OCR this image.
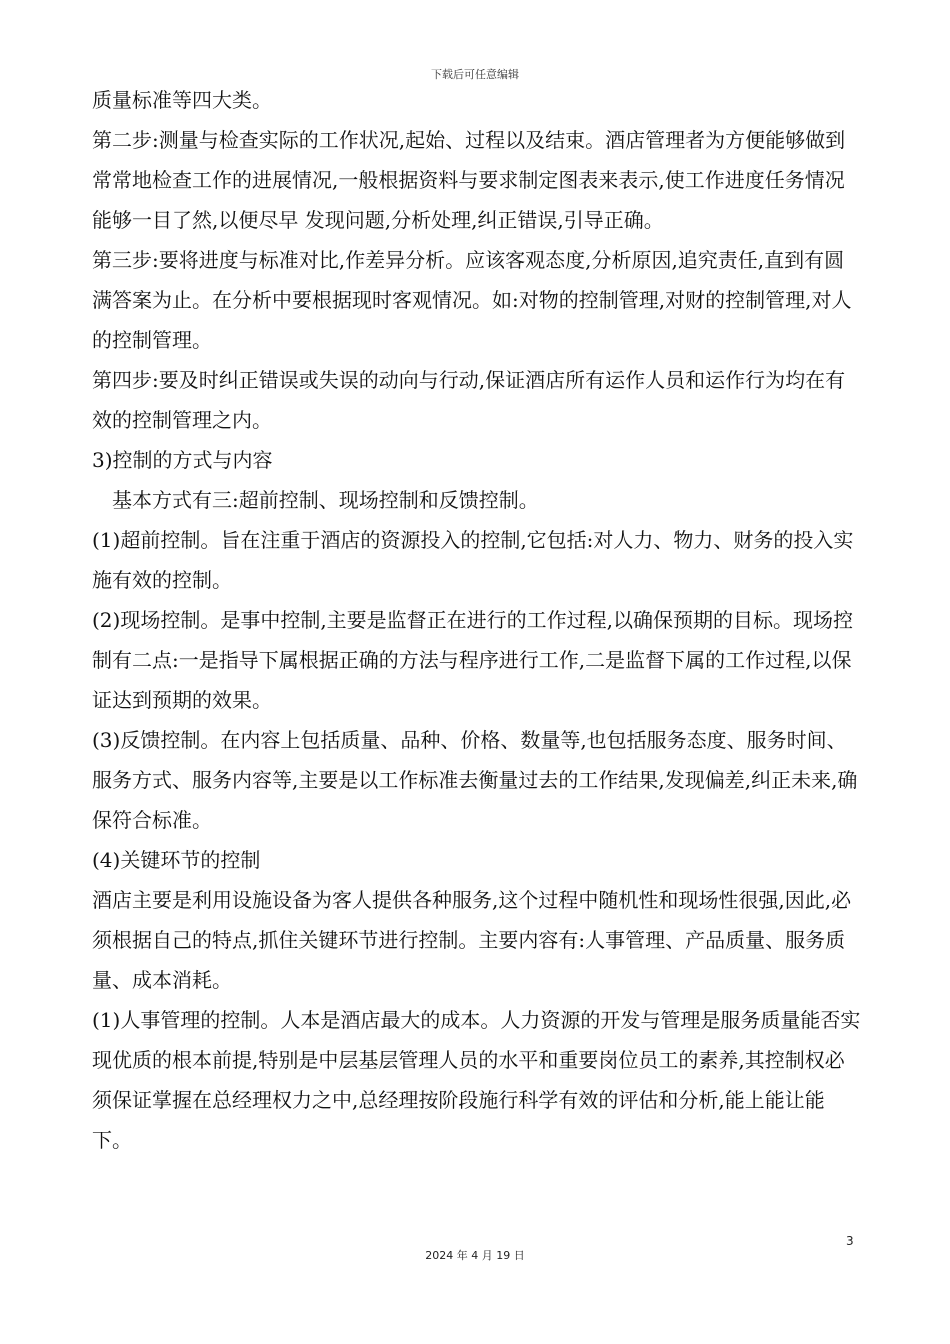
下载后可任意编辑

质量标准等四大类。

第二步:测量与检查实际的工作状况,起始、过程以及结束。酒店管理者为方便能够做到常常地检查工作的进展情况,一般根据资料与要求制定图表来表示,使工作进度任务情况能够一目了然,以便尽早 发现问题,分析处理,纠正错误,引导正确。

第三步:要将进度与标准对比,作差异分析。应该客观态度,分析原因,追究责任,直到有圆满答案为止。在分析中要根据现时客观情况。如:对物的控制管理,对财的控制管理,对人的控制管理。

第四步:要及时纠正错误或失误的动向与行动,保证酒店所有运作人员和运作行为均在有效的控制管理之内。

3)控制的方式与内容

基本方式有三:超前控制、现场控制和反馈控制。

(1)超前控制。旨在注重于酒店的资源投入的控制,它包括:对人力、物力、财务的投入实施有效的控制。

(2)现场控制。是事中控制,主要是监督正在进行的工作过程,以确保预期的目标。现场控制有二点:一是指导下属根据正确的方法与程序进行工作,二是监督下属的工作过程,以保证达到预期的效果。

(3)反馈控制。在内容上包括质量、品种、价格、数量等,也包括服务态度、服务时间、服务方式、服务内容等,主要是以工作标准去衡量过去的工作结果,发现偏差,纠正未来,确保符合标准。

(4)关键环节的控制

酒店主要是利用设施设备为客人提供各种服务,这个过程中随机性和现场性很强,因此,必须根据自己的特点,抓住关键环节进行控制。主要内容有:人事管理、产品质量、服务质量、成本消耗。

(1)人事管理的控制。人本是酒店最大的成本。人力资源的开发与管理是服务质量能否实现优质的根本前提,特别是中层基层管理人员的水平和重要岗位员工的素养,其控制权必须保证掌握在总经理权力之中,总经理按阶段施行科学有效的评估和分析,能上能让能下。

3
2024 年 4 月 19 日
